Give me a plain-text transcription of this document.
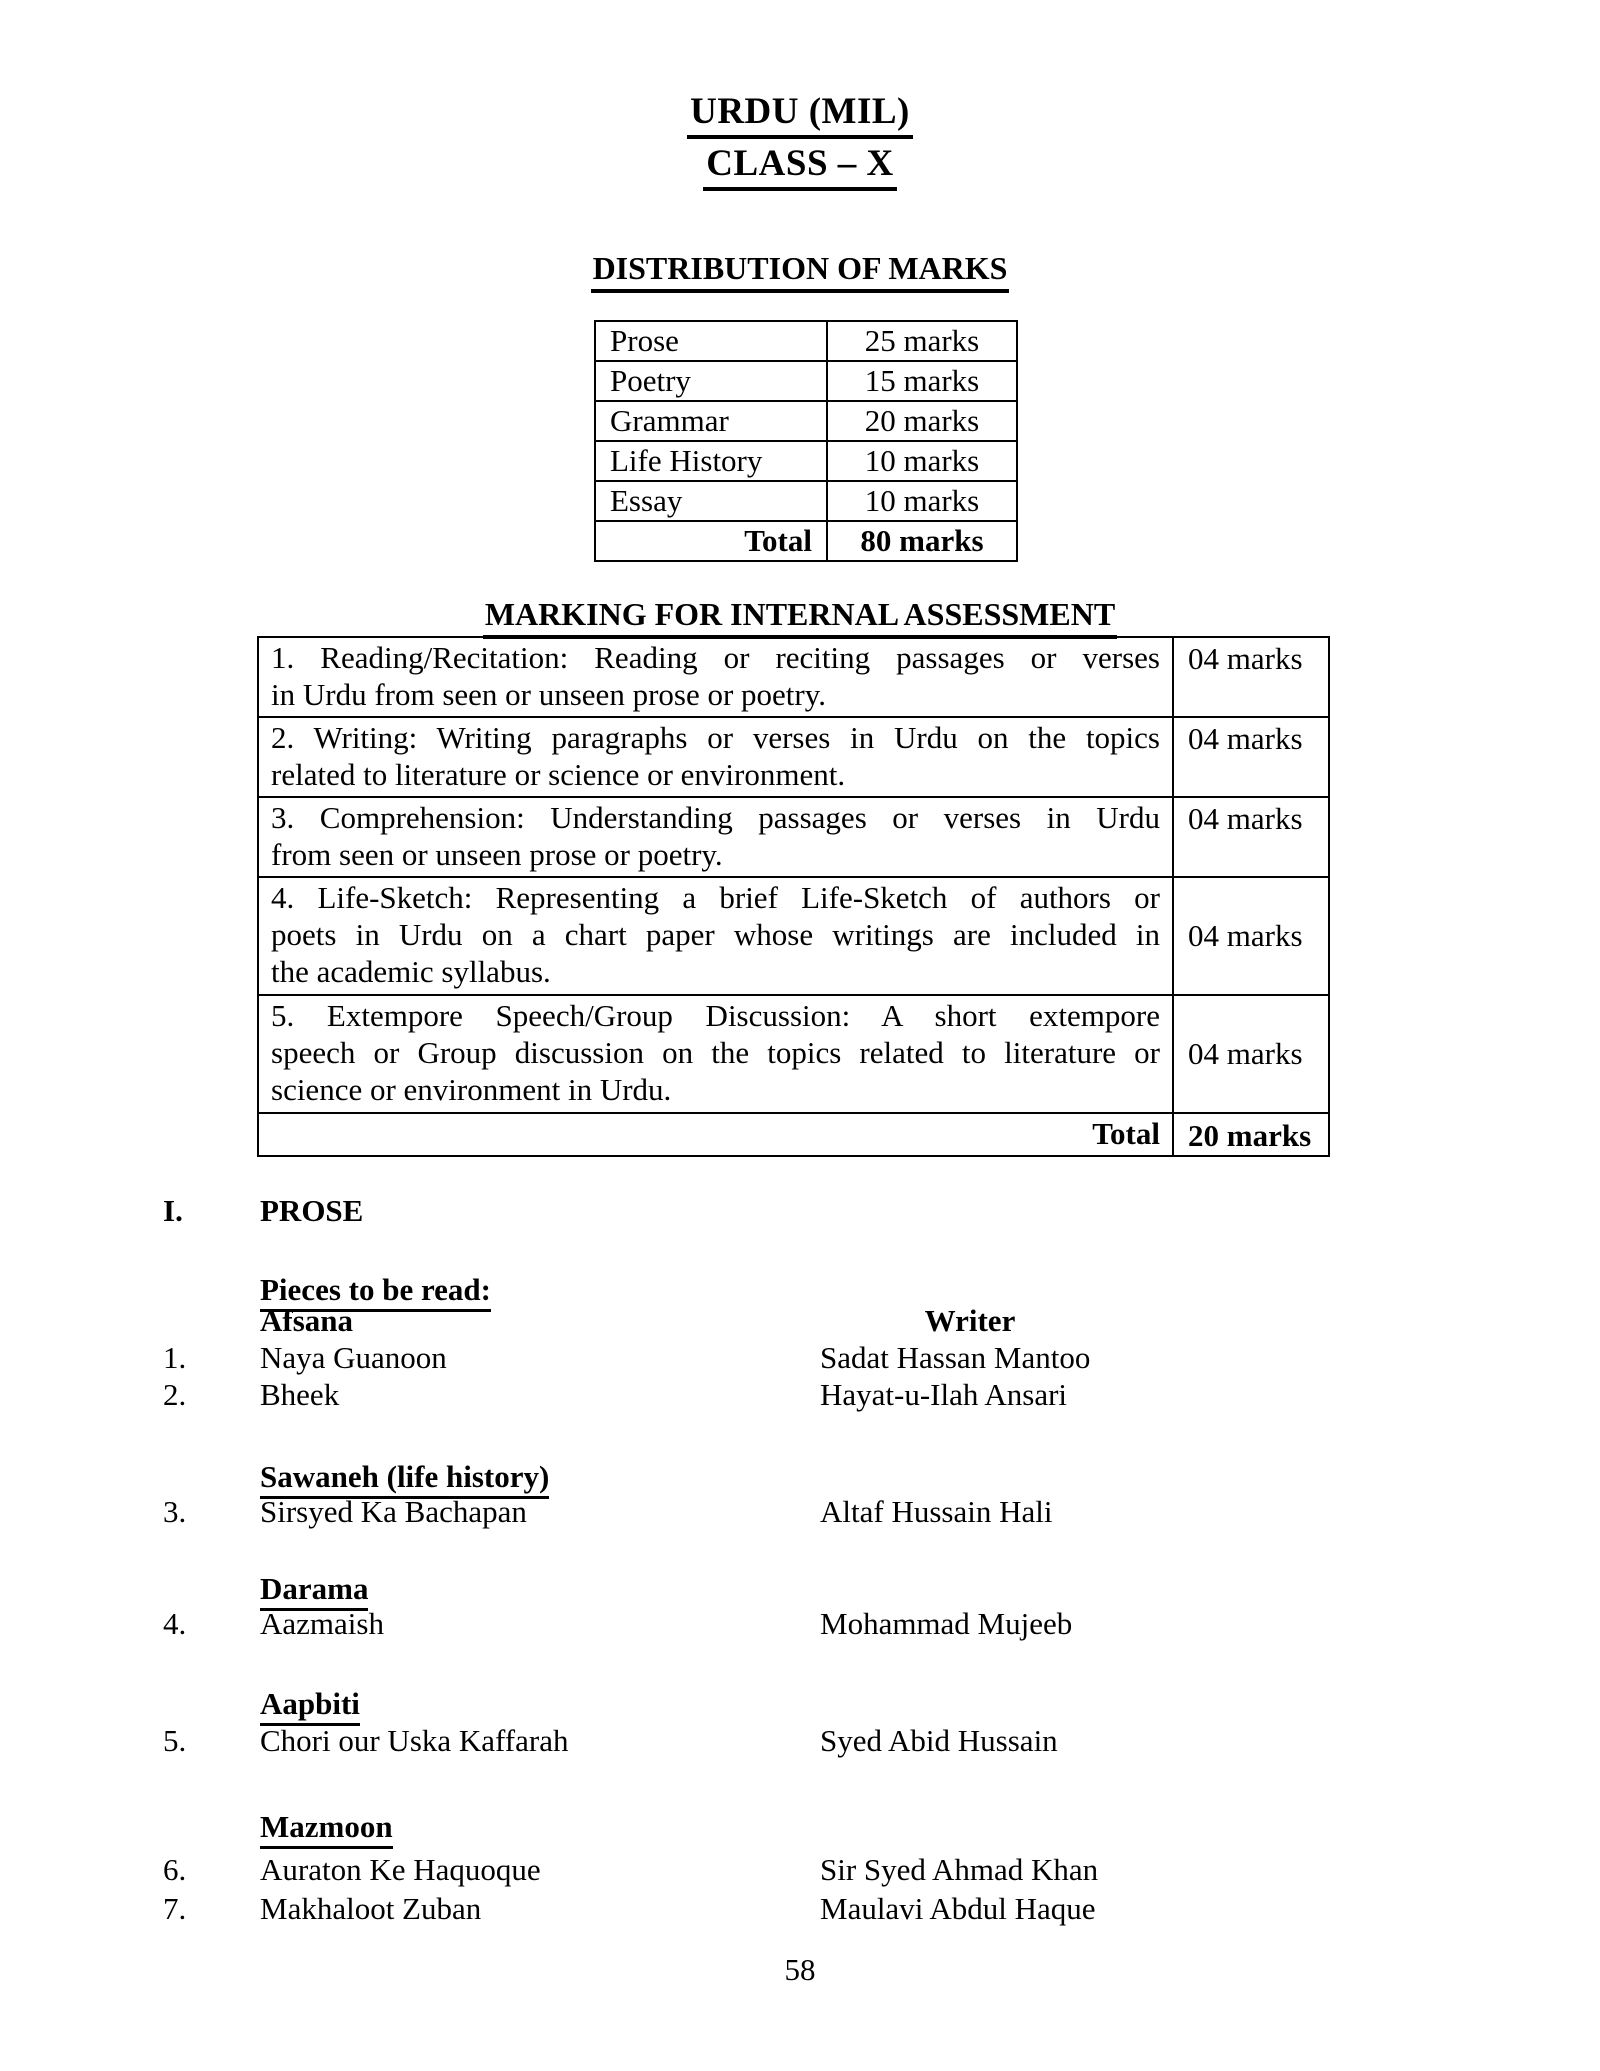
URDU (MIL)
CLASS – X
DISTRIBUTION OF MARKS
Prose	25 marks
Poetry	15 marks
Grammar	20 marks
Life History	10 marks
Essay	10 marks
Total	80 marks
MARKING FOR INTERNAL ASSESSMENT
1. Reading/Recitation: Reading or reciting passages or verses
in Urdu from seen or unseen prose or poetry.	04 marks

2. Writing: Writing paragraphs or verses in Urdu on the topics
related to literature or science or environment.	04 marks

3. Comprehension: Understanding passages or verses in Urdu
from seen or unseen prose or poetry.	04 marks

4. Life-Sketch: Representing a brief Life-Sketch of authors or
poets in Urdu on a chart paper whose writings are included in
the academic syllabus.	04 marks

5. Extempore Speech/Group Discussion: A short extempore
speech or Group discussion on the topics related to literature or
science or environment in Urdu.	04 marks
Total	20 marks
I. PROSE
Pieces to be read:
Afsana	Writer
1. Naya Guanoon	Sadat Hassan Mantoo
2. Bheek	Hayat-u-Ilah Ansari
Sawaneh (life history)
3. Sirsyed Ka Bachapan	Altaf Hussain Hali
Darama
4. Aazmaish	Mohammad Mujeeb
Aapbiti
5. Chori our Uska Kaffarah	Syed Abid Hussain
Mazmoon
6. Auraton Ke Haquoque	Sir Syed Ahmad Khan
7. Makhaloot Zuban	Maulavi Abdul Haque
58
